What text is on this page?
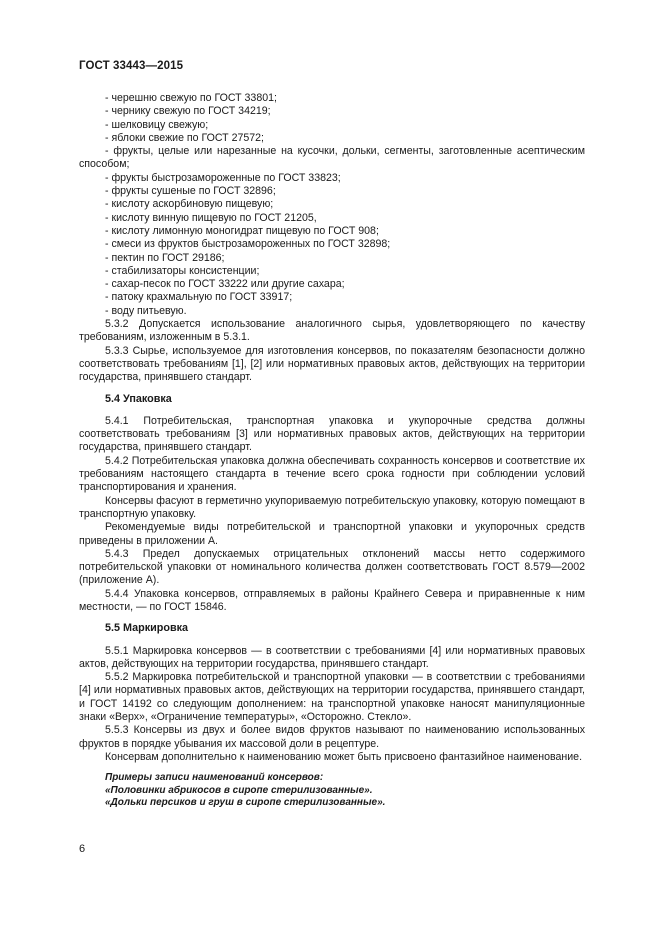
ГОСТ 33443—2015
- черешню свежую по ГОСТ 33801;
- чернику свежую по ГОСТ 34219;
- шелковицу свежую;
- яблоки свежие по ГОСТ 27572;
- фрукты, целые или нарезанные на кусочки, дольки, сегменты, заготовленные асептическим способом;
- фрукты быстрозамороженные по ГОСТ 33823;
- фрукты сушеные по ГОСТ 32896;
- кислоту аскорбиновую пищевую;
- кислоту винную пищевую по ГОСТ 21205,
- кислоту лимонную моногидрат пищевую по ГОСТ 908;
- смеси из фруктов быстрозамороженных по ГОСТ 32898;
- пектин по ГОСТ 29186;
- стабилизаторы консистенции;
- сахар-песок по ГОСТ 33222 или другие сахара;
- патоку крахмальную по ГОСТ 33917;
- воду питьевую.

5.3.2 Допускается использование аналогичного сырья, удовлетворяющего по качеству требованиям, изложенным в 5.3.1.

5.3.3 Сырье, используемое для изготовления консервов, по показателям безопасности должно соответствовать требованиям [1], [2] или нормативных правовых актов, действующих на территории государства, принявшего стандарт.

5.4 Упаковка

5.4.1 Потребительская, транспортная упаковка и укупорочные средства должны соответствовать требованиям [3] или нормативных правовых актов, действующих на территории государства, принявшего стандарт.

5.4.2 Потребительская упаковка должна обеспечивать сохранность консервов и соответствие их требованиям настоящего стандарта в течение всего срока годности при соблюдении условий транспортирования и хранения.

Консервы фасуют в герметично укупориваемую потребительскую упаковку, которую помещают в транспортную упаковку.

Рекомендуемые виды потребительской и транспортной упаковки и укупорочных средств приведены в приложении А.

5.4.3 Предел допускаемых отрицательных отклонений массы нетто содержимого потребительской упаковки от номинального количества должен соответствовать ГОСТ 8.579—2002 (приложение А).

5.4.4 Упаковка консервов, отправляемых в районы Крайнего Севера и приравненные к ним местности, — по ГОСТ 15846.

5.5 Маркировка

5.5.1 Маркировка консервов — в соответствии с требованиями [4] или нормативных правовых актов, действующих на территории государства, принявшего стандарт.

5.5.2 Маркировка потребительской и транспортной упаковки — в соответствии с требованиями [4] или нормативных правовых актов, действующих на территории государства, принявшего стандарт, и ГОСТ 14192 со следующим дополнением: на транспортной упаковке наносят манипуляционные знаки «Верх», «Ограничение температуры», «Осторожно. Стекло».

5.5.3 Консервы из двух и более видов фруктов называют по наименованию использованных фруктов в порядке убывания их массовой доли в рецептуре.

Консервам дополнительно к наименованию может быть присвоено фантазийное наименование.

Примеры записи наименований консервов:
«Половинки абрикосов в сиропе стерилизованные».
«Дольки персиков и груш в сиропе стерилизованные».
6
